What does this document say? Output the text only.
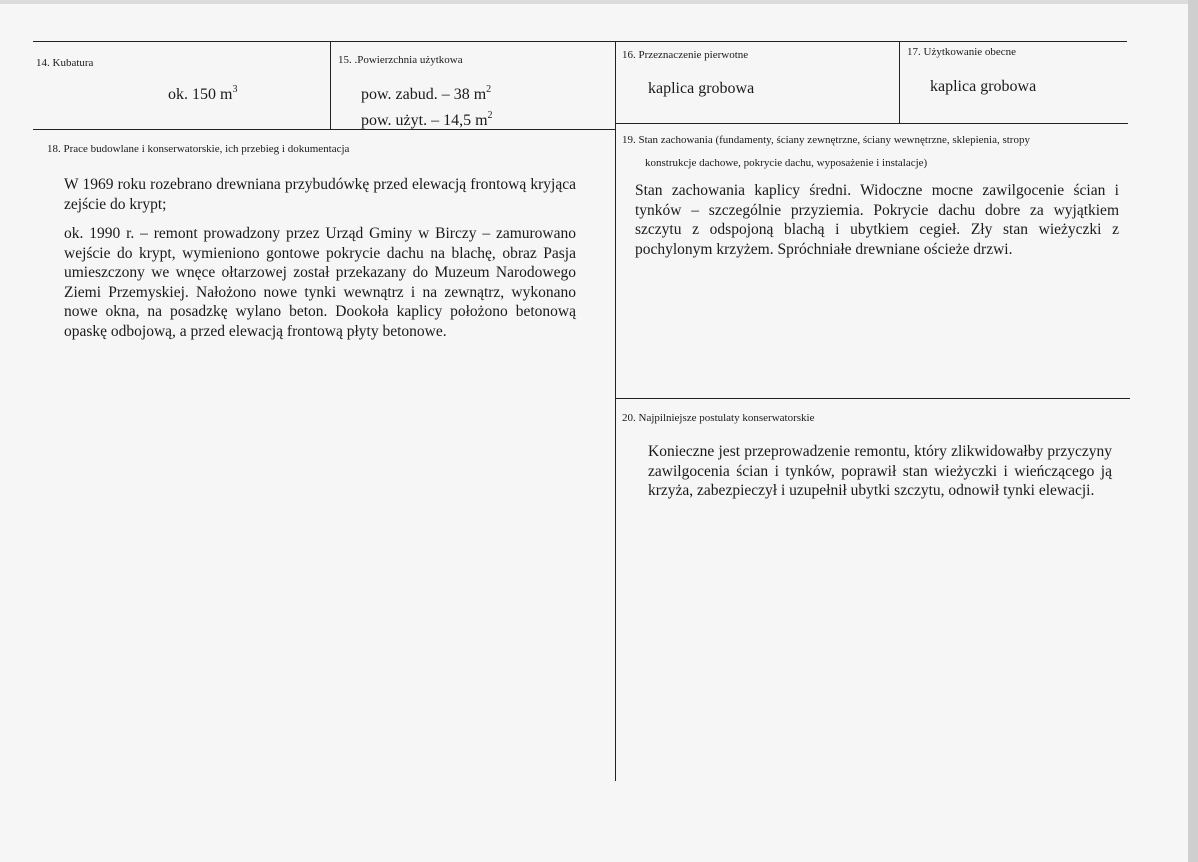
14. Kubatura
ok. 150 $m^3$
15. .Powierzchnia użytkowa
pow. zabud. – 38 $m^2$
pow. użyt. – 14,5 $m^2$
16. Przeznaczenie pierwotne
kaplica grobowa
17. Użytkowanie obecne
kaplica grobowa
18. Prace budowlane i konserwatorskie, ich przebieg i dokumentacja

W 1969 roku rozebrano drewniana przybudówkę przed elewacją frontową kryjąca zejście do krypt;

ok. 1990 r. – remont prowadzony przez Urząd Gminy w Birczy – zamurowano wejście do krypt, wymieniono gontowe pokrycie dachu na blachę, obraz Pasja umieszczony we wnęce ołtarzowej został przekazany do Muzeum Narodowego Ziemi Przemyskiej. Nałożono nowe tynki wewnątrz i na zewnątrz, wykonano nowe okna, na posadzkę wylano beton. Dookoła kaplicy położono betonową opaskę odbojową, a przed elewacją frontową płyty betonowe.

19. Stan zachowania (fundamenty, ściany zewnętrzne, ściany wewnętrzne, sklepienia, stropy
konstrukcje dachowe, pokrycie dachu, wyposażenie i instalacje)

Stan zachowania kaplicy średni. Widoczne mocne zawilgocenie ścian i tynków – szczególnie przyziemia. Pokrycie dachu dobre za wyjątkiem szczytu z odspojoną blachą i ubytkiem cegieł. Zły stan wieżyczki z pochylonym krzyżem. Spróchniałe drewniane ościeże drzwi.

20. Najpilniejsze postulaty konserwatorskie

Konieczne jest przeprowadzenie remontu, który zlikwidowałby przyczyny zawilgocenia ścian i tynków, poprawił stan wieżyczki i wieńczącego ją krzyża, zabezpieczył i uzupełnił ubytki szczytu, odnowił tynki elewacji.
